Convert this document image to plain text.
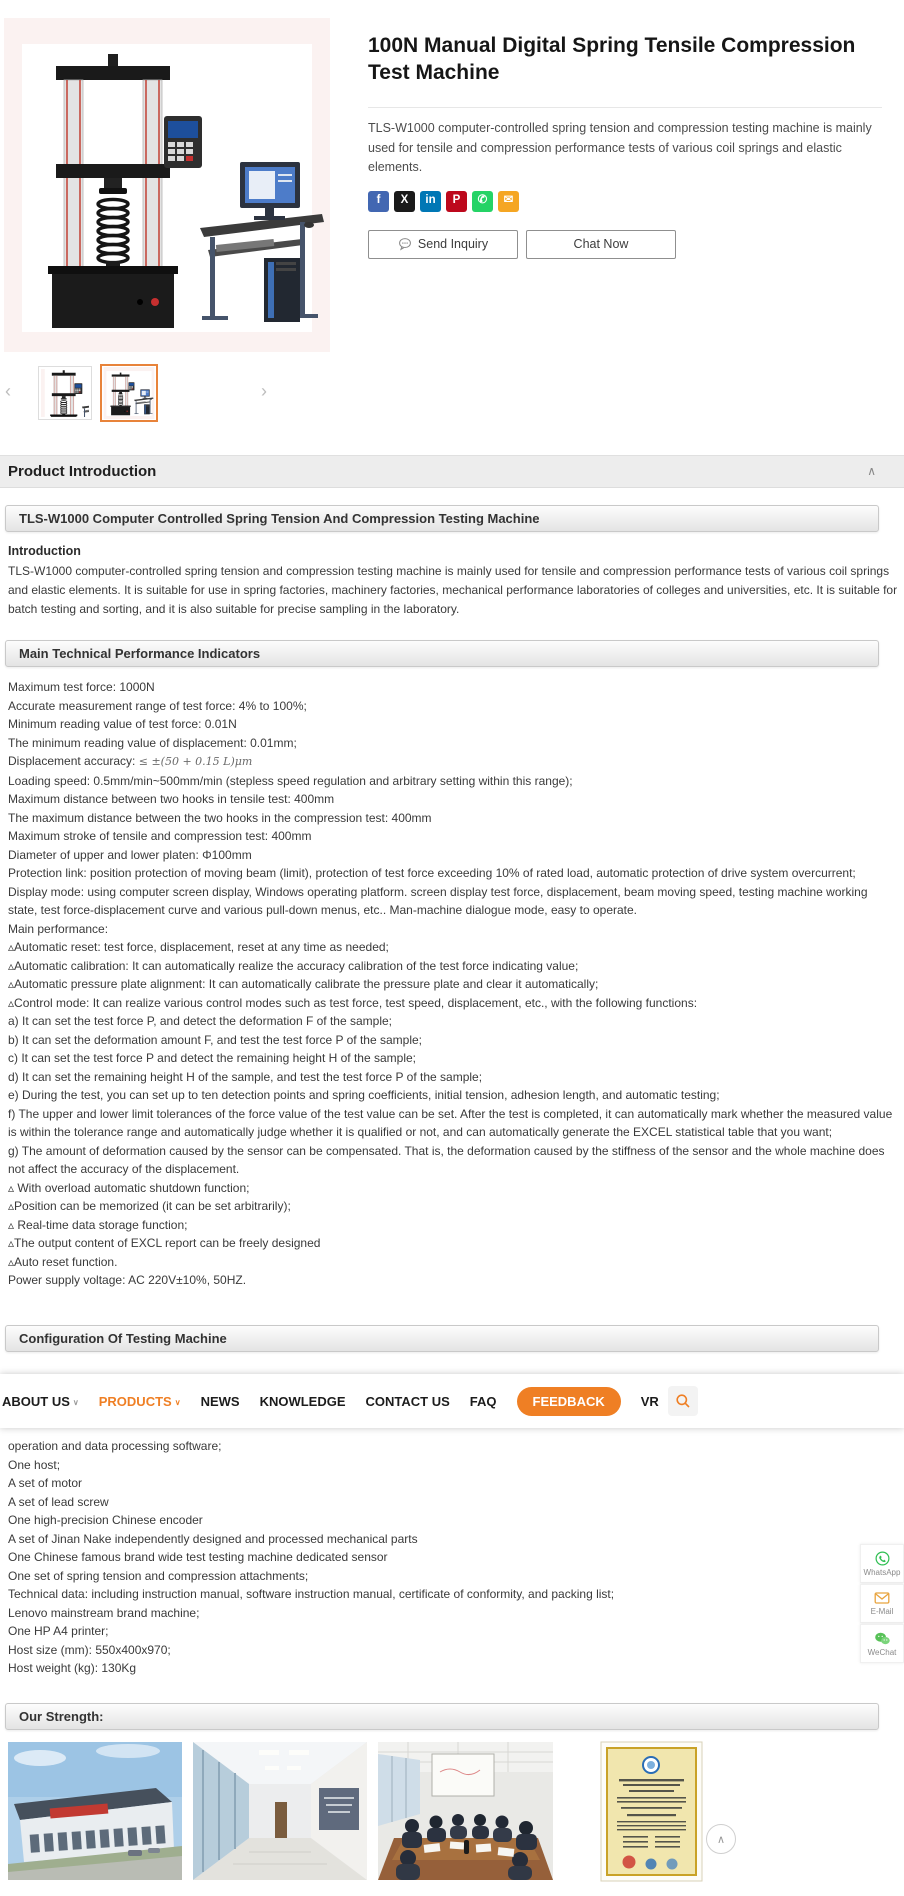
‹	›
100N Manual Digital Spring Tensile Compression Test Machine
TLS-W1000 computer-controlled spring tension and compression testing machine is mainly used for tensile and compression performance tests of various coil springs and elastic elements.
f X in P ✆ ✉
Send Inquiry	Chat Now
Product Introduction	∧
TLS-W1000 Computer Controlled Spring Tension And Compression Testing Machine
Introduction
TLS-W1000 computer-controlled spring tension and compression testing machine is mainly used for tensile and compression performance tests of various coil springs and elastic elements. It is suitable for use in spring factories, machinery factories, mechanical performance laboratories of colleges and universities, etc. It is suitable for batch testing and sorting, and it is also suitable for precise sampling in the laboratory.
Main Technical Performance Indicators
Maximum test force: 1000N
Accurate measurement range of test force: 4% to 100%;
Minimum reading value of test force: 0.01N
The minimum reading value of displacement: 0.01mm;
Displacement accuracy: ≤ ±(50 + 0.15 L)μm
Loading speed: 0.5mm/min~500mm/min (stepless speed regulation and arbitrary setting within this range);
Maximum distance between two hooks in tensile test: 400mm
The maximum distance between the two hooks in the compression test: 400mm
Maximum stroke of tensile and compression test: 400mm
Diameter of upper and lower platen: Φ100mm
Protection link: position protection of moving beam (limit), protection of test force exceeding 10% of rated load, automatic protection of drive system overcurrent;
Display mode: using computer screen display, Windows operating platform. screen display test force, displacement, beam moving speed, testing machine working state, test force-displacement curve and various pull-down menus, etc.. Man-machine dialogue mode, easy to operate.
Main performance:
▵Automatic reset: test force, displacement, reset at any time as needed;
▵Automatic calibration: It can automatically realize the accuracy calibration of the test force indicating value;
▵Automatic pressure plate alignment: It can automatically calibrate the pressure plate and clear it automatically;
▵Control mode: It can realize various control modes such as test force, test speed, displacement, etc., with the following functions:
a) It can set the test force P, and detect the deformation F of the sample;
b) It can set the deformation amount F, and test the test force P of the sample;
c) It can set the test force P and detect the remaining height H of the sample;
d) It can set the remaining height H of the sample, and test the test force P of the sample;
e) During the test, you can set up to ten detection points and spring coefficients, initial tension, adhesion length, and automatic testing;
f) The upper and lower limit tolerances of the force value of the test value can be set. After the test is completed, it can automatically mark whether the measured value is within the tolerance range and automatically judge whether it is qualified or not, and can automatically generate the EXCEL statistical table that you want;
g) The amount of deformation caused by the sensor can be compensated. That is, the deformation caused by the stiffness of the sensor and the whole machine does not affect the accuracy of the displacement.
▵ With overload automatic shutdown function;
▵Position can be memorized (it can be set arbitrarily);
▵ Real-time data storage function;
▵The output content of EXCL report can be freely designed
▵Auto reset function.
Power supply voltage: AC 220V±10%, 50HZ.
Configuration Of Testing Machine
operation and data processing software;
One host;
A set of motor
A set of lead screw
One high-precision Chinese encoder
A set of Jinan Nake independently designed and processed mechanical parts
One Chinese famous brand wide test testing machine dedicated sensor
One set of spring tension and compression attachments;
Technical data: including instruction manual, software instruction manual, certificate of conformity, and packing list;
Lenovo mainstream brand machine;
One HP A4 printer;
Host size (mm): 550x400x970;
Host weight (kg): 130Kg
ABOUT US ∨ PRODUCTS ∨ NEWS KNOWLEDGE CONTACT US FAQ	FEEDBACK	VR
WhatsApp
E-Mail
WeChat
Our Strength:
∧
